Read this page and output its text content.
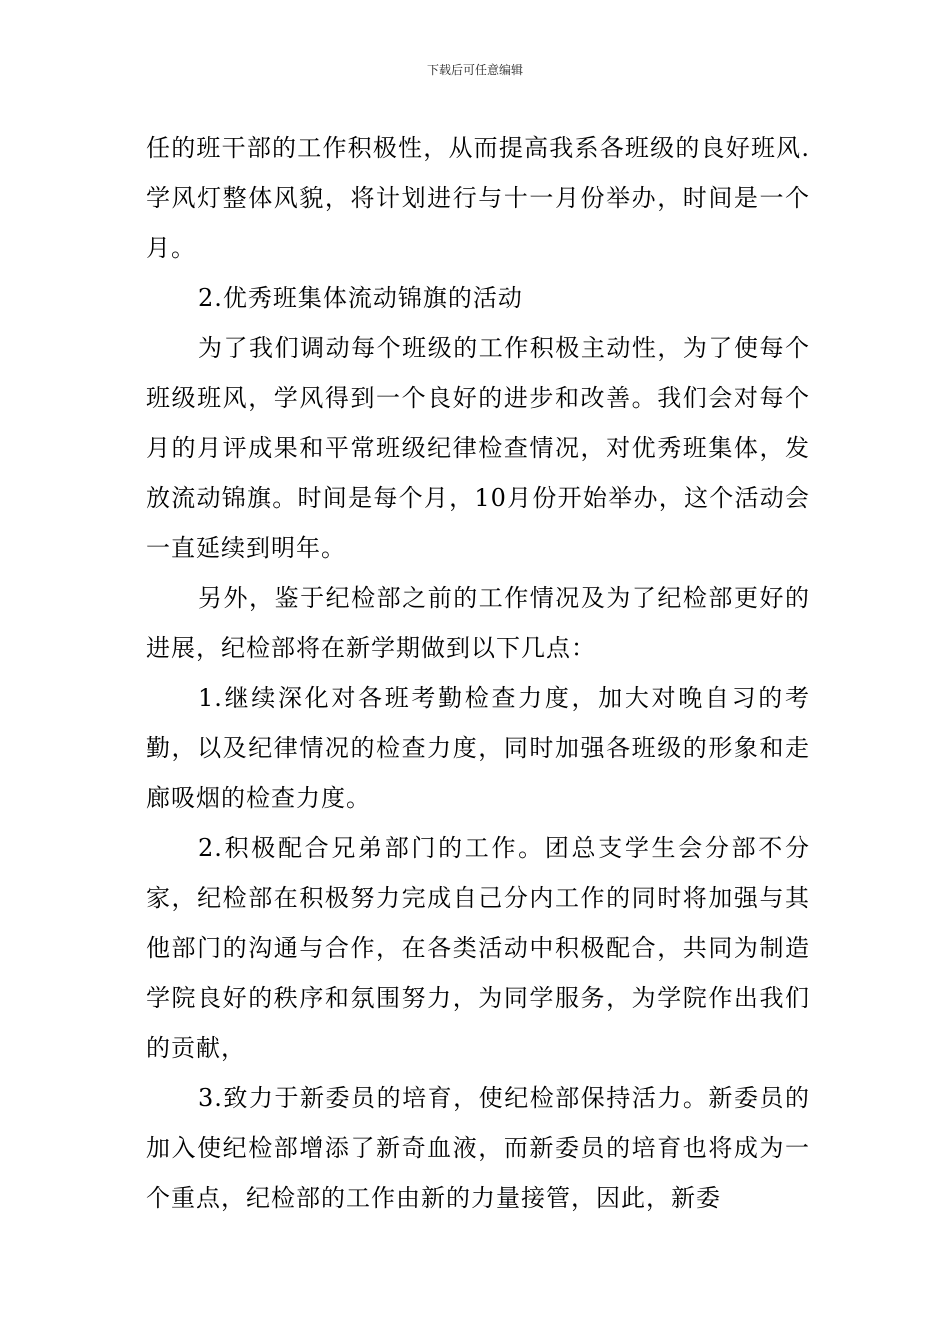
下载后可任意编辑

任的班干部的工作积极性，从而提高我系各班级的良好班风.学风灯整体风貌，将计划进行与十一月份举办，时间是一个月。

2.优秀班集体流动锦旗的活动

为了我们调动每个班级的工作积极主动性，为了使每个班级班风，学风得到一个良好的进步和改善。我们会对每个月的月评成果和平常班级纪律检查情况，对优秀班集体，发放流动锦旗。时间是每个月，10月份开始举办，这个活动会一直延续到明年。

另外，鉴于纪检部之前的工作情况及为了纪检部更好的进展，纪检部将在新学期做到以下几点：

1.继续深化对各班考勤检查力度，加大对晚自习的考勤，以及纪律情况的检查力度，同时加强各班级的形象和走廊吸烟的检查力度。

2.积极配合兄弟部门的工作。团总支学生会分部不分家，纪检部在积极努力完成自己分内工作的同时将加强与其他部门的沟通与合作，在各类活动中积极配合，共同为制造学院良好的秩序和氛围努力，为同学服务，为学院作出我们的贡献，

3.致力于新委员的培育，使纪检部保持活力。新委员的加入使纪检部增添了新奇血液，而新委员的培育也将成为一个重点，纪检部的工作由新的力量接管，因此，新委
